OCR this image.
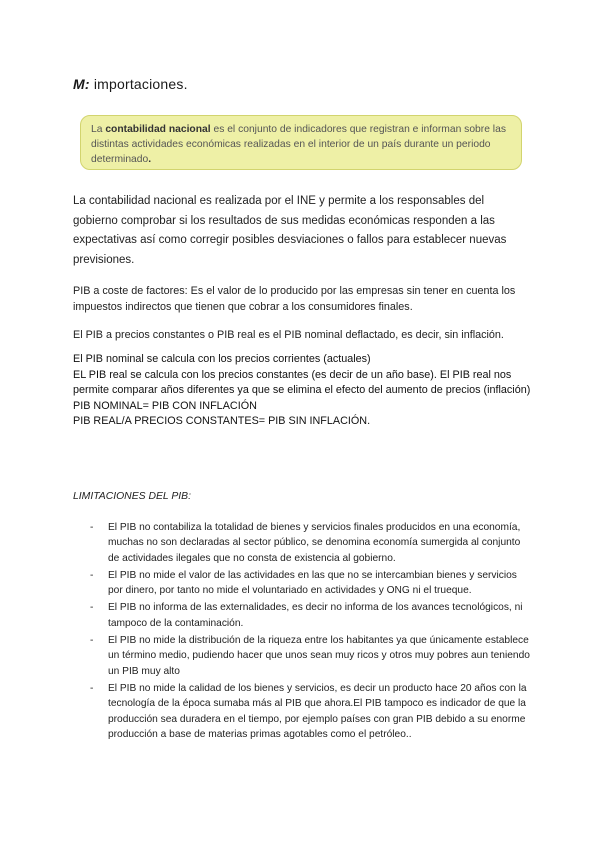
M: importaciones.
La contabilidad nacional es el conjunto de indicadores que registran e informan sobre las distintas actividades económicas realizadas en el interior de un país durante un periodo determinado.
La contabilidad nacional es realizada por el INE y permite a los responsables del gobierno comprobar si los resultados de sus medidas económicas responden a las expectativas así como corregir posibles desviaciones o fallos para establecer nuevas previsiones.
PIB a coste de factores: Es el valor de lo producido por las empresas sin tener en cuenta los impuestos indirectos que tienen que cobrar a los consumidores finales.
El PIB a precios constantes o PIB real es el PIB nominal deflactado, es decir, sin inflación.
El PIB nominal se calcula con los precios corrientes (actuales)
EL PIB real se calcula con los precios constantes (es decir de un año base). El PIB real nos permite comparar años diferentes ya que se elimina el efecto del aumento de precios (inflación)
PIB NOMINAL= PIB CON INFLACIÓN
PIB REAL/A PRECIOS CONSTANTES= PIB SIN INFLACIÓN.
LIMITACIONES DEL PIB:
- El PIB no contabiliza la totalidad de bienes y servicios finales producidos en una economía, muchas no son declaradas al sector público, se denomina economía sumergida al conjunto de actividades ilegales que no consta de existencia al gobierno.
- El PIB no mide el valor de las actividades en las que no se intercambian bienes y servicios por dinero, por tanto no mide el voluntariado en actividades y ONG ni el trueque.
- El PIB no informa de las externalidades, es decir no informa de los avances tecnológicos, ni tampoco de la contaminación.
- El PIB no mide la distribución de la riqueza entre los habitantes ya que únicamente establece un término medio, pudiendo hacer que unos sean muy ricos y otros muy pobres aun teniendo un PIB muy alto
- El PIB no mide la calidad de los bienes y servicios, es decir un producto hace 20 años con la tecnología de la época sumaba más al PIB que ahora.El PIB tampoco es indicador de que la producción sea duradera en el tiempo, por ejemplo países con gran PIB debido a su enorme producción a base de materias primas agotables como el petróleo..
